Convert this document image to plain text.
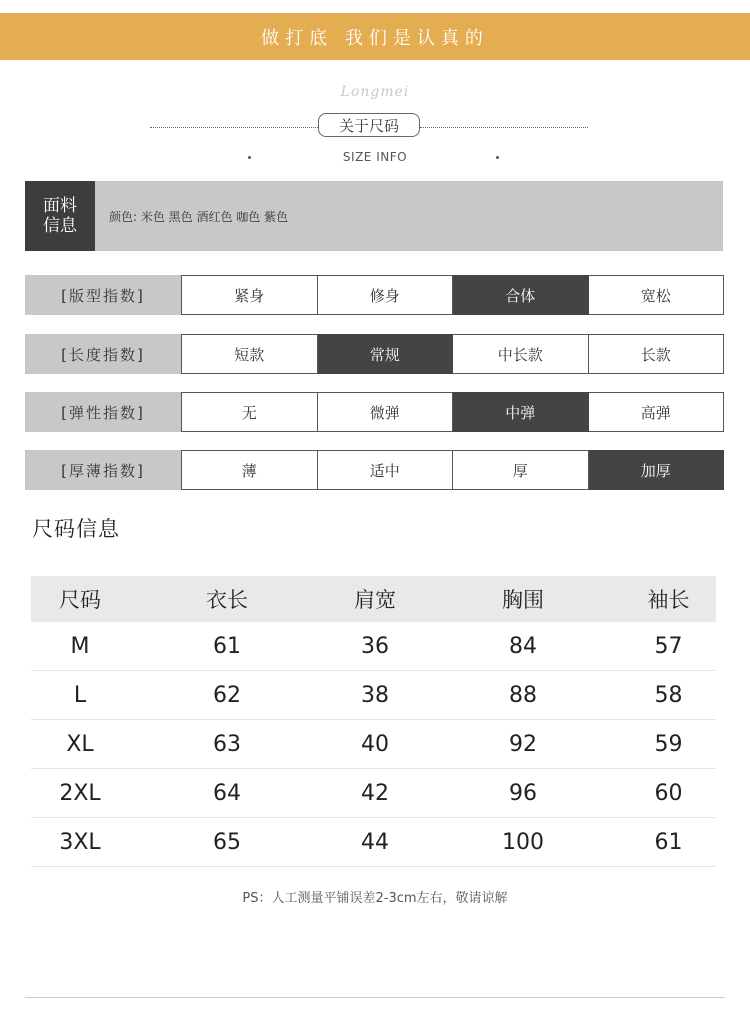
做打底 我们是认真的
Longmei
关于尺码
SIZE INFO
面料信息	颜色: 米色 黑色 酒红色 咖色 紫色
[版型指数]	紧身	修身	合体	宽松
[长度指数]	短款	常规	中长款	长款
[弹性指数]	无	微弹	中弹	高弹
[厚薄指数]	薄	适中	厚	加厚
尺码信息
尺码	衣长	肩宽	胸围	袖长
M	61	36	84	57
L	62	38	88	58
XL	63	40	92	59
2XL	64	42	96	60
3XL	65	44	100	61
PS：人工测量平铺误差2-3cm左右，敬请谅解
